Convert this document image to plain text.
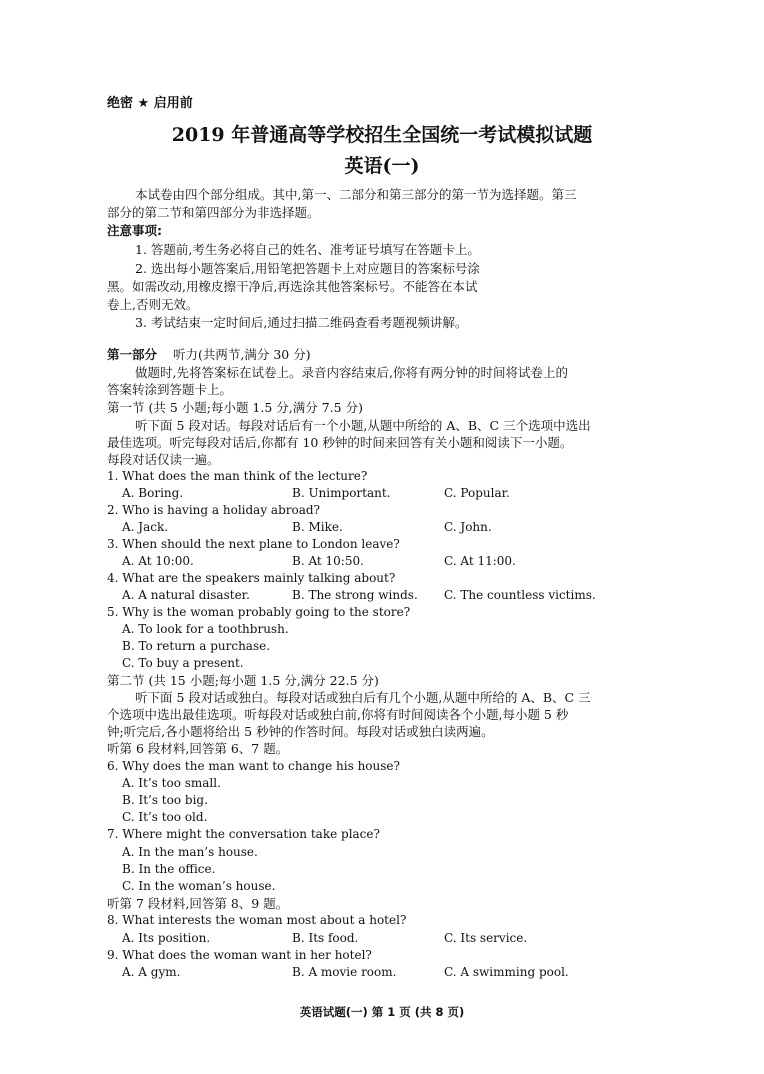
绝密 ★ 启用前
2019 年普通高等学校招生全国统一考试模拟试题
英语(一)
本试卷由四个部分组成。其中,第一、二部分和第三部分的第一节为选择题。第三
部分的第二节和第四部分为非选择题。
注意事项:
1. 答题前,考生务必将自己的姓名、准考证号填写在答题卡上。
2. 选出每小题答案后,用铅笔把答题卡上对应题目的答案标号涂
黑。如需改动,用橡皮擦干净后,再选涂其他答案标号。不能答在本试
卷上,否则无效。
3. 考试结束一定时间后,通过扫描二维码查看考题视频讲解。
第一部分 听力(共两节,满分 30 分)
做题时,先将答案标在试卷上。录音内容结束后,你将有两分钟的时间将试卷上的
答案转涂到答题卡上。
第一节 (共 5 小题;每小题 1.5 分,满分 7.5 分)
听下面 5 段对话。每段对话后有一个小题,从题中所给的 A、B、C 三个选项中选出
最佳选项。听完每段对话后,你都有 10 秒钟的时间来回答有关小题和阅读下一小题。
每段对话仅读一遍。
1. What does the man think of the lecture?
A. Boring.	B. Unimportant.	C. Popular.
2. Who is having a holiday abroad?
A. Jack.	B. Mike.	C. John.
3. When should the next plane to London leave?
A. At 10:00.	B. At 10:50.	C. At 11:00.
4. What are the speakers mainly talking about?
A. A natural disaster.	B. The strong winds. C. The countless victims.
5. Why is the woman probably going to the store?
A. To look for a toothbrush.
B. To return a purchase.
C. To buy a present.
第二节 (共 15 小题;每小题 1.5 分,满分 22.5 分)
听下面 5 段对话或独白。每段对话或独白后有几个小题,从题中所给的 A、B、C 三
个选项中选出最佳选项。听每段对话或独白前,你将有时间阅读各个小题,每小题 5 秒
钟;听完后,各小题将给出 5 秒钟的作答时间。每段对话或独白读两遍。
听第 6 段材料,回答第 6、7 题。
6. Why does the man want to change his house?
A. It’s too small.
B. It’s too big.
C. It’s too old.
7. Where might the conversation take place?
A. In the man’s house.
B. In the office.
C. In the woman’s house.
听第 7 段材料,回答第 8、9 题。
8. What interests the woman most about a hotel?
A. Its position.	B. Its food.	C. Its service.
9. What does the woman want in her hotel?
A. A gym.	B. A movie room.	C. A swimming pool.
英语试题(一) 第 1 页 (共 8 页)
